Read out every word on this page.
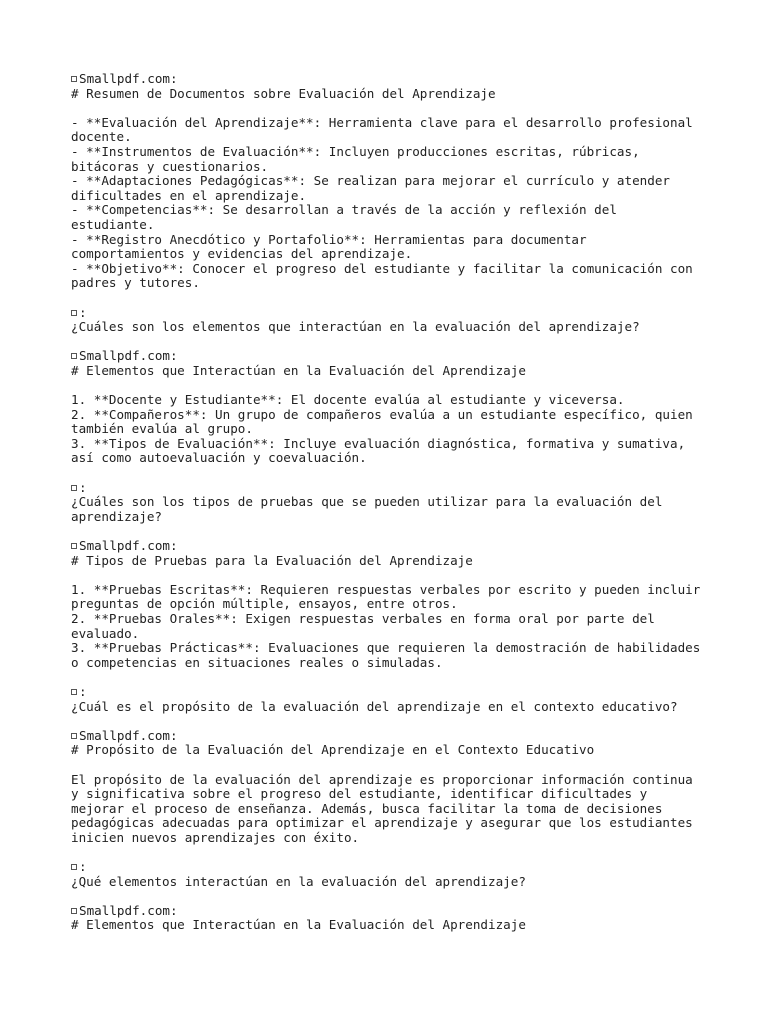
Smallpdf.com:
# Resumen de Documentos sobre Evaluación del Aprendizaje
- **Evaluación del Aprendizaje**: Herramienta clave para el desarrollo profesional
docente.
- **Instrumentos de Evaluación**: Incluyen producciones escritas, rúbricas,
bitácoras y cuestionarios.
- **Adaptaciones Pedagógicas**: Se realizan para mejorar el currículo y atender
dificultades en el aprendizaje.
- **Competencias**: Se desarrollan a través de la acción y reflexión del
estudiante.
- **Registro Anecdótico y Portafolio**: Herramientas para documentar
comportamientos y evidencias del aprendizaje.
- **Objetivo**: Conocer el progreso del estudiante y facilitar la comunicación con
padres y tutores.
:
¿Cuáles son los elementos que interactúan en la evaluación del aprendizaje?
Smallpdf.com:
# Elementos que Interactúan en la Evaluación del Aprendizaje
1. **Docente y Estudiante**: El docente evalúa al estudiante y viceversa.
2. **Compañeros**: Un grupo de compañeros evalúa a un estudiante específico, quien
también evalúa al grupo.
3. **Tipos de Evaluación**: Incluye evaluación diagnóstica, formativa y sumativa,
así como autoevaluación y coevaluación.
:
¿Cuáles son los tipos de pruebas que se pueden utilizar para la evaluación del
aprendizaje?
Smallpdf.com:
# Tipos de Pruebas para la Evaluación del Aprendizaje
1. **Pruebas Escritas**: Requieren respuestas verbales por escrito y pueden incluir
preguntas de opción múltiple, ensayos, entre otros.
2. **Pruebas Orales**: Exigen respuestas verbales en forma oral por parte del
evaluado.
3. **Pruebas Prácticas**: Evaluaciones que requieren la demostración de habilidades
o competencias en situaciones reales o simuladas.
:
¿Cuál es el propósito de la evaluación del aprendizaje en el contexto educativo?
Smallpdf.com:
# Propósito de la Evaluación del Aprendizaje en el Contexto Educativo
El propósito de la evaluación del aprendizaje es proporcionar información continua
y significativa sobre el progreso del estudiante, identificar dificultades y
mejorar el proceso de enseñanza. Además, busca facilitar la toma de decisiones
pedagógicas adecuadas para optimizar el aprendizaje y asegurar que los estudiantes
inicien nuevos aprendizajes con éxito.
:
¿Qué elementos interactúan en la evaluación del aprendizaje?
Smallpdf.com:
# Elementos que Interactúan en la Evaluación del Aprendizaje
